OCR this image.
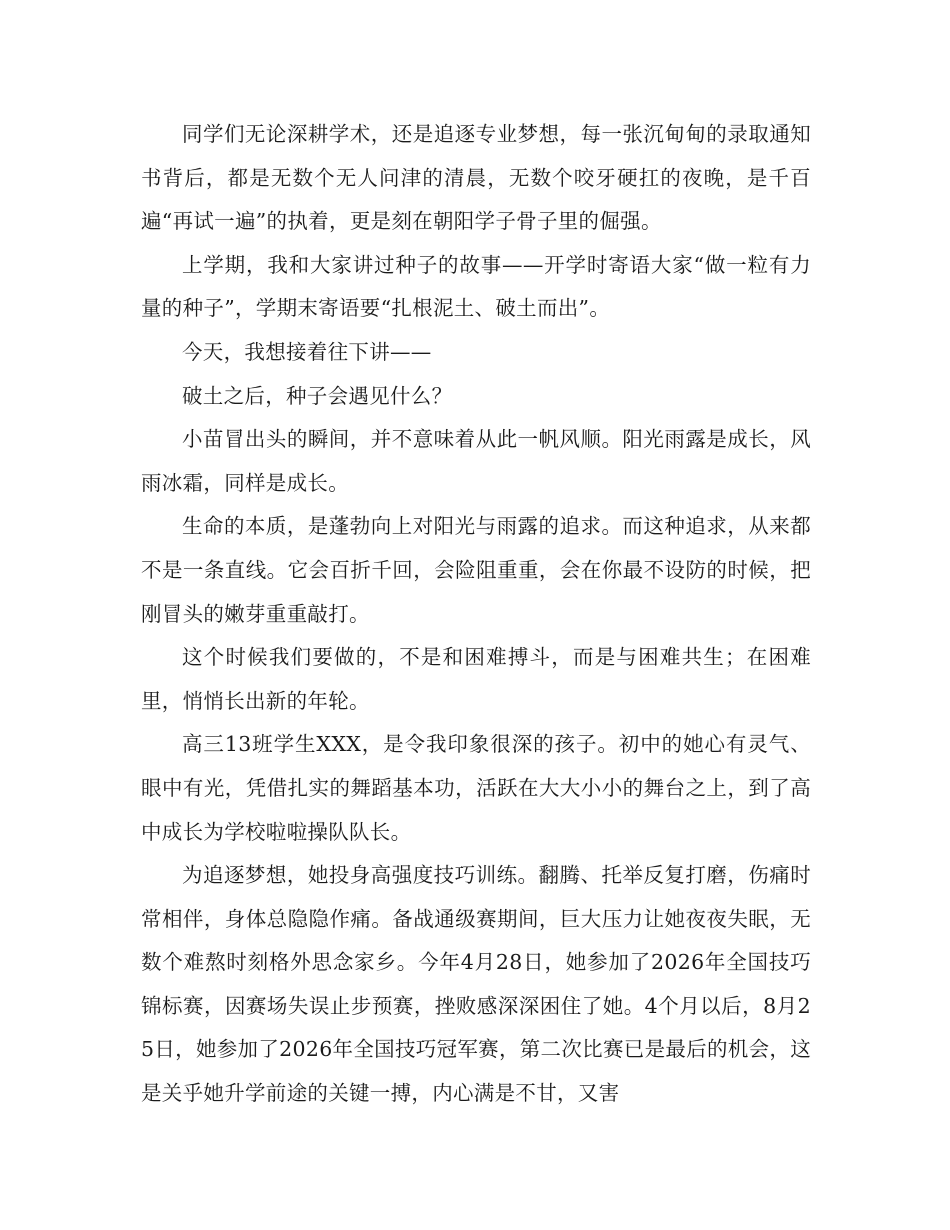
同学们无论深耕学术，还是追逐专业梦想，每一张沉甸甸的录取通知书背后，都是无数个无人问津的清晨，无数个咬牙硬扛的夜晚，是千百遍“再试一遍”的执着，更是刻在朝阳学子骨子里的倔强。

上学期，我和大家讲过种子的故事——开学时寄语大家“做一粒有力量的种子”，学期末寄语要“扎根泥土、破土而出”。

今天，我想接着往下讲——

破土之后，种子会遇见什么？

小苗冒出头的瞬间，并不意味着从此一帆风顺。阳光雨露是成长，风雨冰霜，同样是成长。

生命的本质，是蓬勃向上对阳光与雨露的追求。而这种追求，从来都不是一条直线。它会百折千回，会险阻重重，会在你最不设防的时候，把刚冒头的嫩芽重重敲打。

这个时候我们要做的，不是和困难搏斗，而是与困难共生；在困难里，悄悄长出新的年轮。

高三13班学生XXX，是令我印象很深的孩子。初中的她心有灵气、眼中有光，凭借扎实的舞蹈基本功，活跃在大大小小的舞台之上，到了高中成长为学校啦啦操队队长。

为追逐梦想，她投身高强度技巧训练。翻腾、托举反复打磨，伤痛时常相伴，身体总隐隐作痛。备战通级赛期间，巨大压力让她夜夜失眠，无数个难熬时刻格外思念家乡。今年4月28日，她参加了2026年全国技巧锦标赛，因赛场失误止步预赛，挫败感深深困住了她。4个月以后，8月25日，她参加了2026年全国技巧冠军赛，第二次比赛已是最后的机会，这是关乎她升学前途的关键一搏，内心满是不甘，又害
